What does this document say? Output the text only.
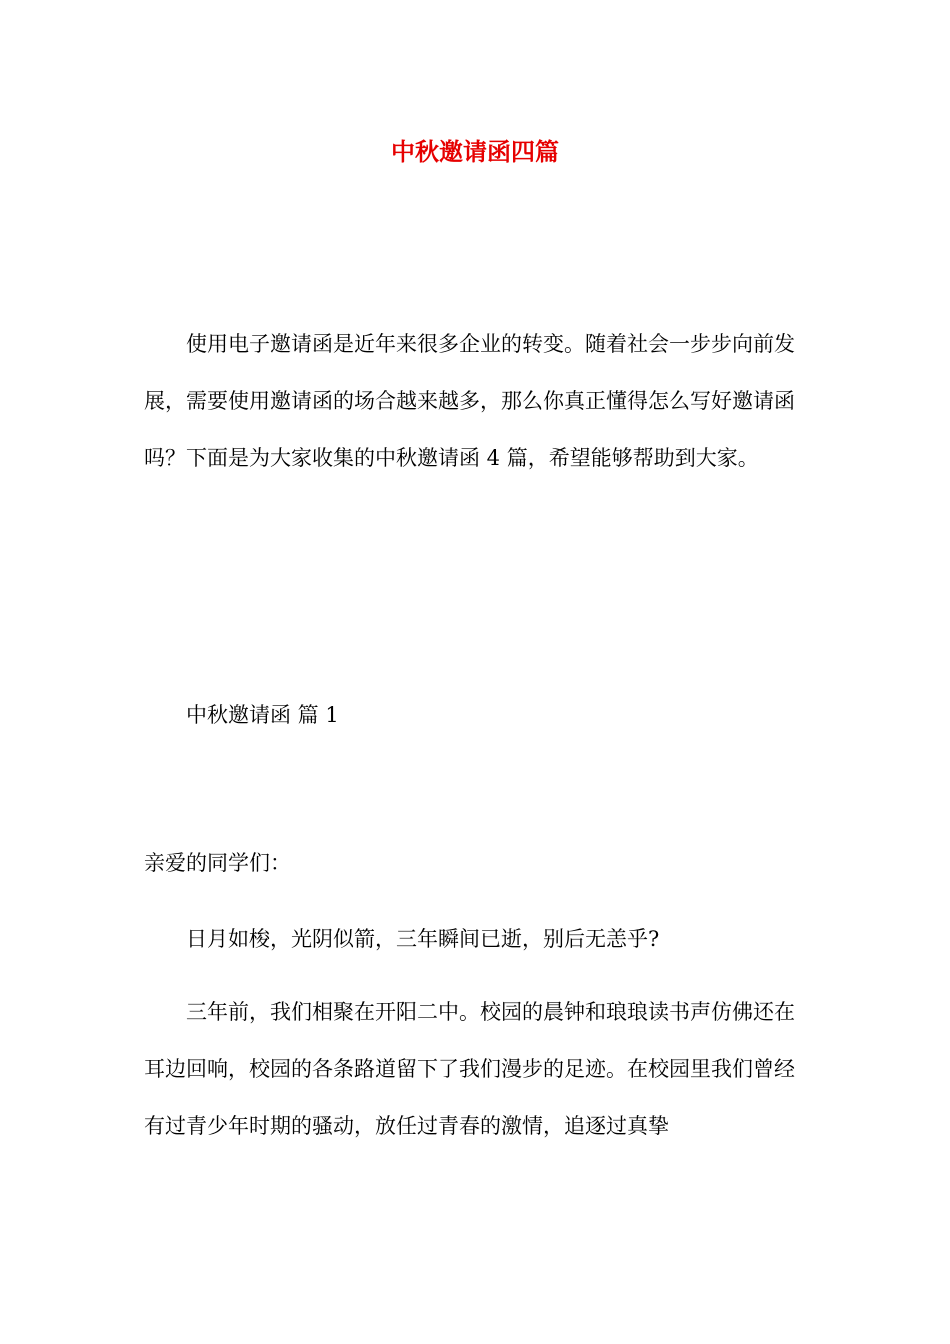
中秋邀请函四篇

使用电子邀请函是近年来很多企业的转变。随着社会一步步向前发展，需要使用邀请函的场合越来越多，那么你真正懂得怎么写好邀请函吗？下面是为大家收集的中秋邀请函 4 篇，希望能够帮助到大家。

中秋邀请函 篇 1

亲爱的同学们：

日月如梭，光阴似箭，三年瞬间已逝，别后无恙乎?

三年前，我们相聚在开阳二中。校园的晨钟和琅琅读书声仿佛还在耳边回响，校园的各条路道留下了我们漫步的足迹。在校园里我们曾经有过青少年时期的骚动，放任过青春的激情，追逐过真挚
